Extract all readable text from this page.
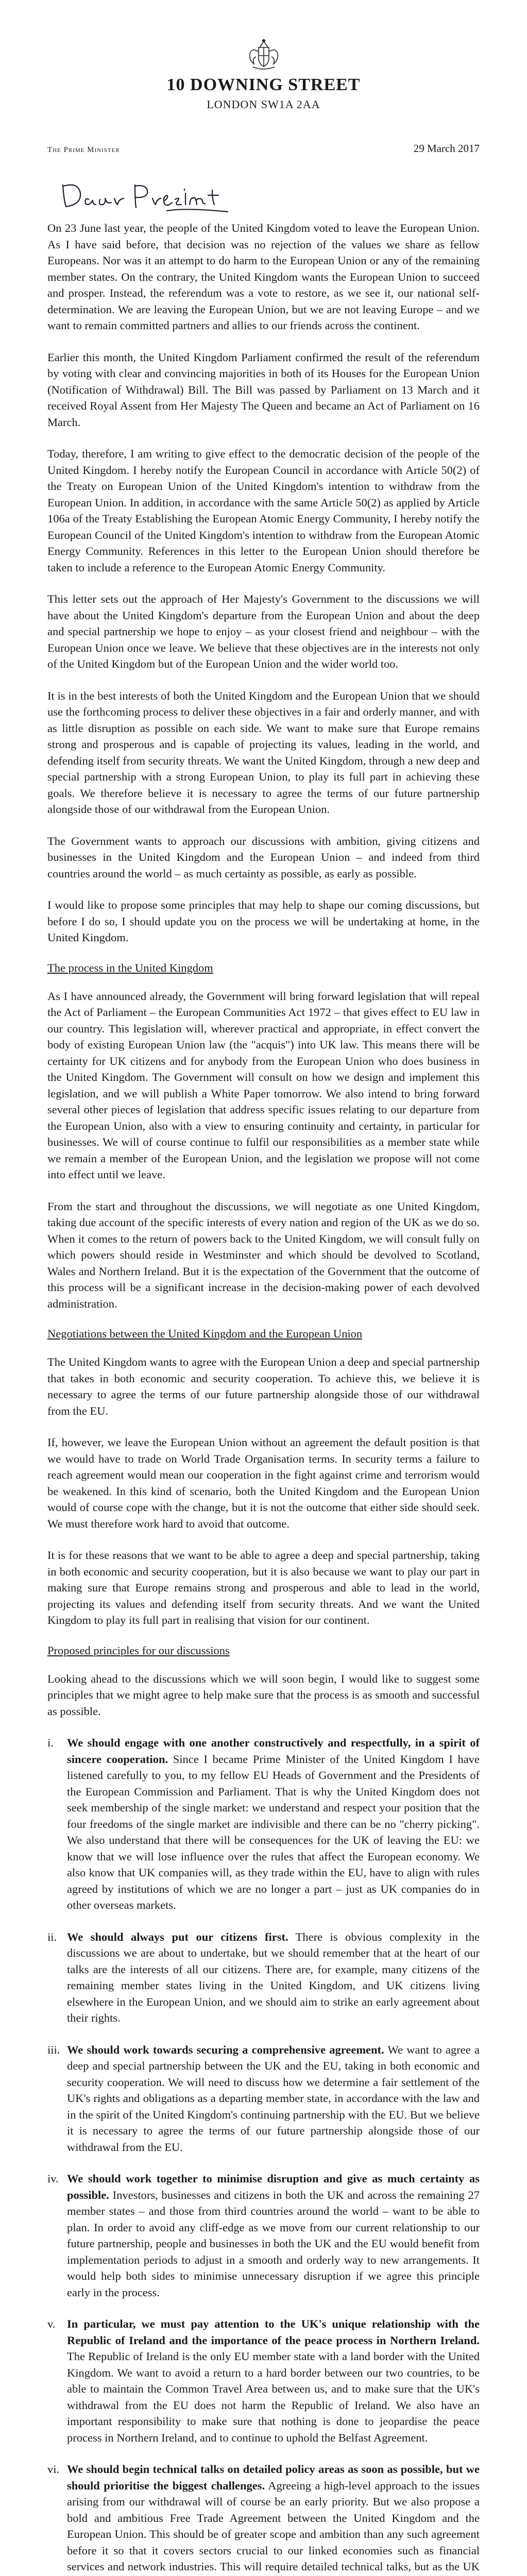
10 DOWNING STREET

LONDON SW1A 2AA

The Prime Minister	29 March 2017

On 23 June last year, the people of the United Kingdom voted to leave the European Union. As I have said before, that decision was no rejection of the values we share as fellow Europeans. Nor was it an attempt to do harm to the European Union or any of the remaining member states. On the contrary, the United Kingdom wants the European Union to succeed and prosper. Instead, the referendum was a vote to restore, as we see it, our national self-determination. We are leaving the European Union, but we are not leaving Europe – and we want to remain committed partners and allies to our friends across the continent.

Earlier this month, the United Kingdom Parliament confirmed the result of the referendum by voting with clear and convincing majorities in both of its Houses for the European Union (Notification of Withdrawal) Bill. The Bill was passed by Parliament on 13 March and it received Royal Assent from Her Majesty The Queen and became an Act of Parliament on 16 March.

Today, therefore, I am writing to give effect to the democratic decision of the people of the United Kingdom. I hereby notify the European Council in accordance with Article 50(2) of the Treaty on European Union of the United Kingdom's intention to withdraw from the European Union. In addition, in accordance with the same Article 50(2) as applied by Article 106a of the Treaty Establishing the European Atomic Energy Community, I hereby notify the European Council of the United Kingdom's intention to withdraw from the European Atomic Energy Community. References in this letter to the European Union should therefore be taken to include a reference to the European Atomic Energy Community.

This letter sets out the approach of Her Majesty's Government to the discussions we will have about the United Kingdom's departure from the European Union and about the deep and special partnership we hope to enjoy – as your closest friend and neighbour – with the European Union once we leave. We believe that these objectives are in the interests not only of the United Kingdom but of the European Union and the wider world too.

It is in the best interests of both the United Kingdom and the European Union that we should use the forthcoming process to deliver these objectives in a fair and orderly manner, and with as little disruption as possible on each side. We want to make sure that Europe remains strong and prosperous and is capable of projecting its values, leading in the world, and defending itself from security threats. We want the United Kingdom, through a new deep and special partnership with a strong European Union, to play its full part in achieving these goals. We therefore believe it is necessary to agree the terms of our future partnership alongside those of our withdrawal from the European Union.

The Government wants to approach our discussions with ambition, giving citizens and businesses in the United Kingdom and the European Union – and indeed from third countries around the world – as much certainty as possible, as early as possible.

I would like to propose some principles that may help to shape our coming discussions, but before I do so, I should update you on the process we will be undertaking at home, in the United Kingdom.

The process in the United Kingdom

As I have announced already, the Government will bring forward legislation that will repeal the Act of Parliament – the European Communities Act 1972 – that gives effect to EU law in our country. This legislation will, wherever practical and appropriate, in effect convert the body of existing European Union law (the "acquis") into UK law. This means there will be certainty for UK citizens and for anybody from the European Union who does business in the United Kingdom. The Government will consult on how we design and implement this legislation, and we will publish a White Paper tomorrow. We also intend to bring forward several other pieces of legislation that address specific issues relating to our departure from the European Union, also with a view to ensuring continuity and certainty, in particular for businesses. We will of course continue to fulfil our responsibilities as a member state while we remain a member of the European Union, and the legislation we propose will not come into effect until we leave.

From the start and throughout the discussions, we will negotiate as one United Kingdom, taking due account of the specific interests of every nation and region of the UK as we do so. When it comes to the return of powers back to the United Kingdom, we will consult fully on which powers should reside in Westminster and which should be devolved to Scotland, Wales and Northern Ireland. But it is the expectation of the Government that the outcome of this process will be a significant increase in the decision-making power of each devolved administration.

Negotiations between the United Kingdom and the European Union

The United Kingdom wants to agree with the European Union a deep and special partnership that takes in both economic and security cooperation. To achieve this, we believe it is necessary to agree the terms of our future partnership alongside those of our withdrawal from the EU.

If, however, we leave the European Union without an agreement the default position is that we would have to trade on World Trade Organisation terms. In security terms a failure to reach agreement would mean our cooperation in the fight against crime and terrorism would be weakened. In this kind of scenario, both the United Kingdom and the European Union would of course cope with the change, but it is not the outcome that either side should seek. We must therefore work hard to avoid that outcome.

It is for these reasons that we want to be able to agree a deep and special partnership, taking in both economic and security cooperation, but it is also because we want to play our part in making sure that Europe remains strong and prosperous and able to lead in the world, projecting its values and defending itself from security threats. And we want the United Kingdom to play its full part in realising that vision for our continent.

Proposed principles for our discussions

Looking ahead to the discussions which we will soon begin, I would like to suggest some principles that we might agree to help make sure that the process is as smooth and successful as possible.

i.	We should engage with one another constructively and respectfully, in a spirit of sincere cooperation. Since I became Prime Minister of the United Kingdom I have listened carefully to you, to my fellow EU Heads of Government and the Presidents of the European Commission and Parliament. That is why the United Kingdom does not seek membership of the single market: we understand and respect your position that the four freedoms of the single market are indivisible and there can be no "cherry picking". We also understand that there will be consequences for the UK of leaving the EU: we know that we will lose influence over the rules that affect the European economy. We also know that UK companies will, as they trade within the EU, have to align with rules agreed by institutions of which we are no longer a part – just as UK companies do in other overseas markets.
ii. We should always put our citizens first. There is obvious complexity in the discussions we are about to undertake, but we should remember that at the heart of our talks are the interests of all our citizens. There are, for example, many citizens of the remaining member states living in the United Kingdom, and UK citizens living elsewhere in the European Union, and we should aim to strike an early agreement about their rights.
iii. We should work towards securing a comprehensive agreement. We want to agree a deep and special partnership between the UK and the EU, taking in both economic and security cooperation. We will need to discuss how we determine a fair settlement of the UK's rights and obligations as a departing member state, in accordance with the law and in the spirit of the United Kingdom's continuing partnership with the EU. But we believe it is necessary to agree the terms of our future partnership alongside those of our withdrawal from the EU.
iv. We should work together to minimise disruption and give as much certainty as possible. Investors, businesses and citizens in both the UK and across the remaining 27 member states – and those from third countries around the world – want to be able to plan. In order to avoid any cliff-edge as we move from our current relationship to our future partnership, people and businesses in both the UK and the EU would benefit from implementation periods to adjust in a smooth and orderly way to new arrangements. It would help both sides to minimise unnecessary disruption if we agree this principle early in the process.
v.	In particular, we must pay attention to the UK's unique relationship with the Republic of Ireland and the importance of the peace process in Northern Ireland. The Republic of Ireland is the only EU member state with a land border with the United Kingdom. We want to avoid a return to a hard border between our two countries, to be able to maintain the Common Travel Area between us, and to make sure that the UK's withdrawal from the EU does not harm the Republic of Ireland. We also have an important responsibility to make sure that nothing is done to jeopardise the peace process in Northern Ireland, and to continue to uphold the Belfast Agreement.
vi. We should begin technical talks on detailed policy areas as soon as possible, but we should prioritise the biggest challenges. Agreeing a high-level approach to the issues arising from our withdrawal will of course be an early priority. But we also propose a bold and ambitious Free Trade Agreement between the United Kingdom and the European Union. This should be of greater scope and ambition than any such agreement before it so that it covers sectors crucial to our linked economies such as financial services and network industries. This will require detailed technical talks, but as the UK
